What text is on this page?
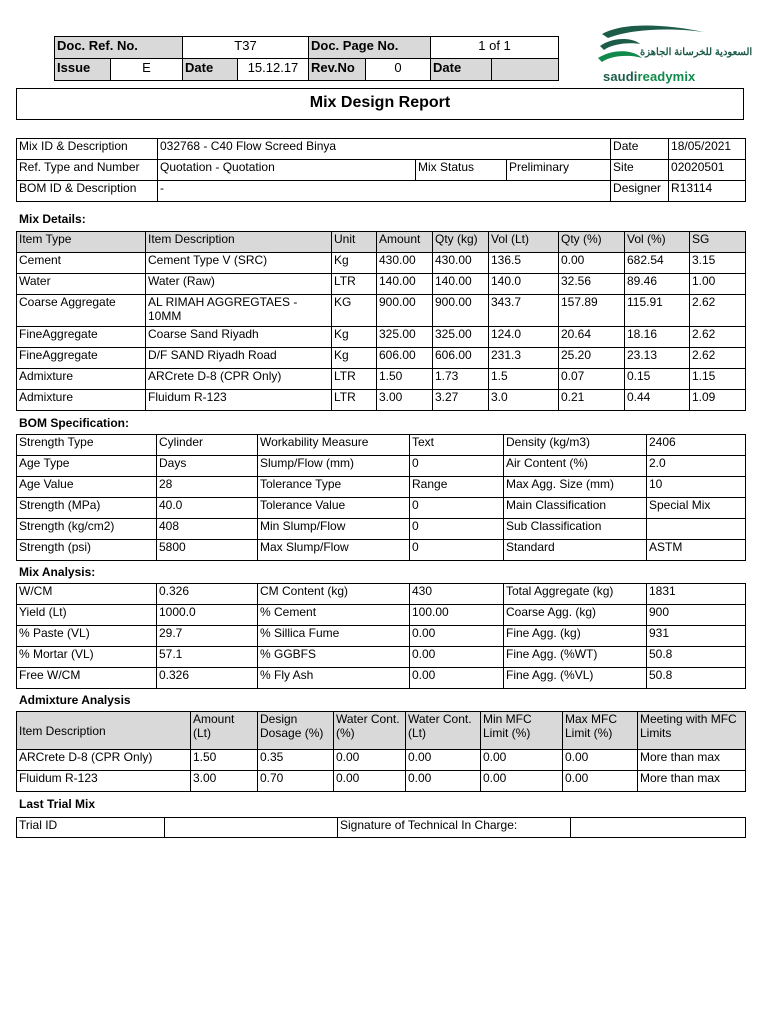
Doc. Ref. No.		T37		Doc. Page No.		1 of 1	
Issue	E	Date	15.12.17	Rev.No	0	Date	
السعودية للخرسانة الجاهزة
saudireadymix
Mix Design Report
Mix ID & Description	032768 - C40 Flow Screed Binya			Date	18/05/2021
Ref. Type and Number	Quotation - Quotation	Mix Status	Preliminary	Site	02020501
BOM ID & Description	-			Designer	R13114
Mix Details:
Item Type	Item Description	Unit	Amount	Qty (kg)	Vol (Lt)	Qty (%)	Vol (%)	SG
Cement	Cement Type V (SRC)	Kg	430.00	430.00	136.5	0.00	682.54	3.15
Water	Water (Raw)	LTR	140.00	140.00	140.0	32.56	89.46	1.00
Coarse Aggregate	AL RIMAH AGGREGTAES - 10MM	KG	900.00	900.00	343.7	157.89	115.91	2.62
FineAggregate	Coarse Sand Riyadh	Kg	325.00	325.00	124.0	20.64	18.16	2.62
FineAggregate	D/F SAND Riyadh Road	Kg	606.00	606.00	231.3	25.20	23.13	2.62
Admixture	ARCrete D-8 (CPR Only)	LTR	1.50	1.73	1.5	0.07	0.15	1.15
Admixture	Fluidum R-123	LTR	3.00	3.27	3.0	0.21	0.44	1.09
BOM Specification:
Strength Type	Cylinder	Workability Measure	Text	Density (kg/m3)	2406
Age Type	Days	Slump/Flow (mm)	0	Air Content (%)	2.0
Age Value	28	Tolerance Type	Range	Max Agg. Size (mm)	10
Strength (MPa)	40.0	Tolerance Value	0	Main Classification	Special Mix
Strength (kg/cm2)	408	Min Slump/Flow	0	Sub Classification	
Strength (psi)	5800	Max Slump/Flow	0	Standard	ASTM
Mix Analysis:
W/CM	0.326	CM Content (kg)	430	Total Aggregate (kg)	1831
Yield (Lt)	1000.0	% Cement	100.00	Coarse Agg. (kg)	900
% Paste (VL)	29.7	% Sillica Fume	0.00	Fine Agg. (kg)	931
% Mortar (VL)	57.1	% GGBFS	0.00	Fine Agg. (%WT)	50.8
Free W/CM	0.326	% Fly Ash	0.00	Fine Agg. (%VL)	50.8
Admixture Analysis
Item Description	Amount (Lt)	Design Dosage (%)	Water Cont.(%)	Water Cont.(Lt)	Min MFC Limit (%)	Max MFC Limit (%)	Meeting with MFC Limits
ARCrete D-8 (CPR Only)	1.50	0.35	0.00	0.00	0.00	0.00	More than max
Fluidum R-123	3.00	0.70	0.00	0.00	0.00	0.00	More than max
Last Trial Mix
Trial ID		Signature of Technical In Charge:	
